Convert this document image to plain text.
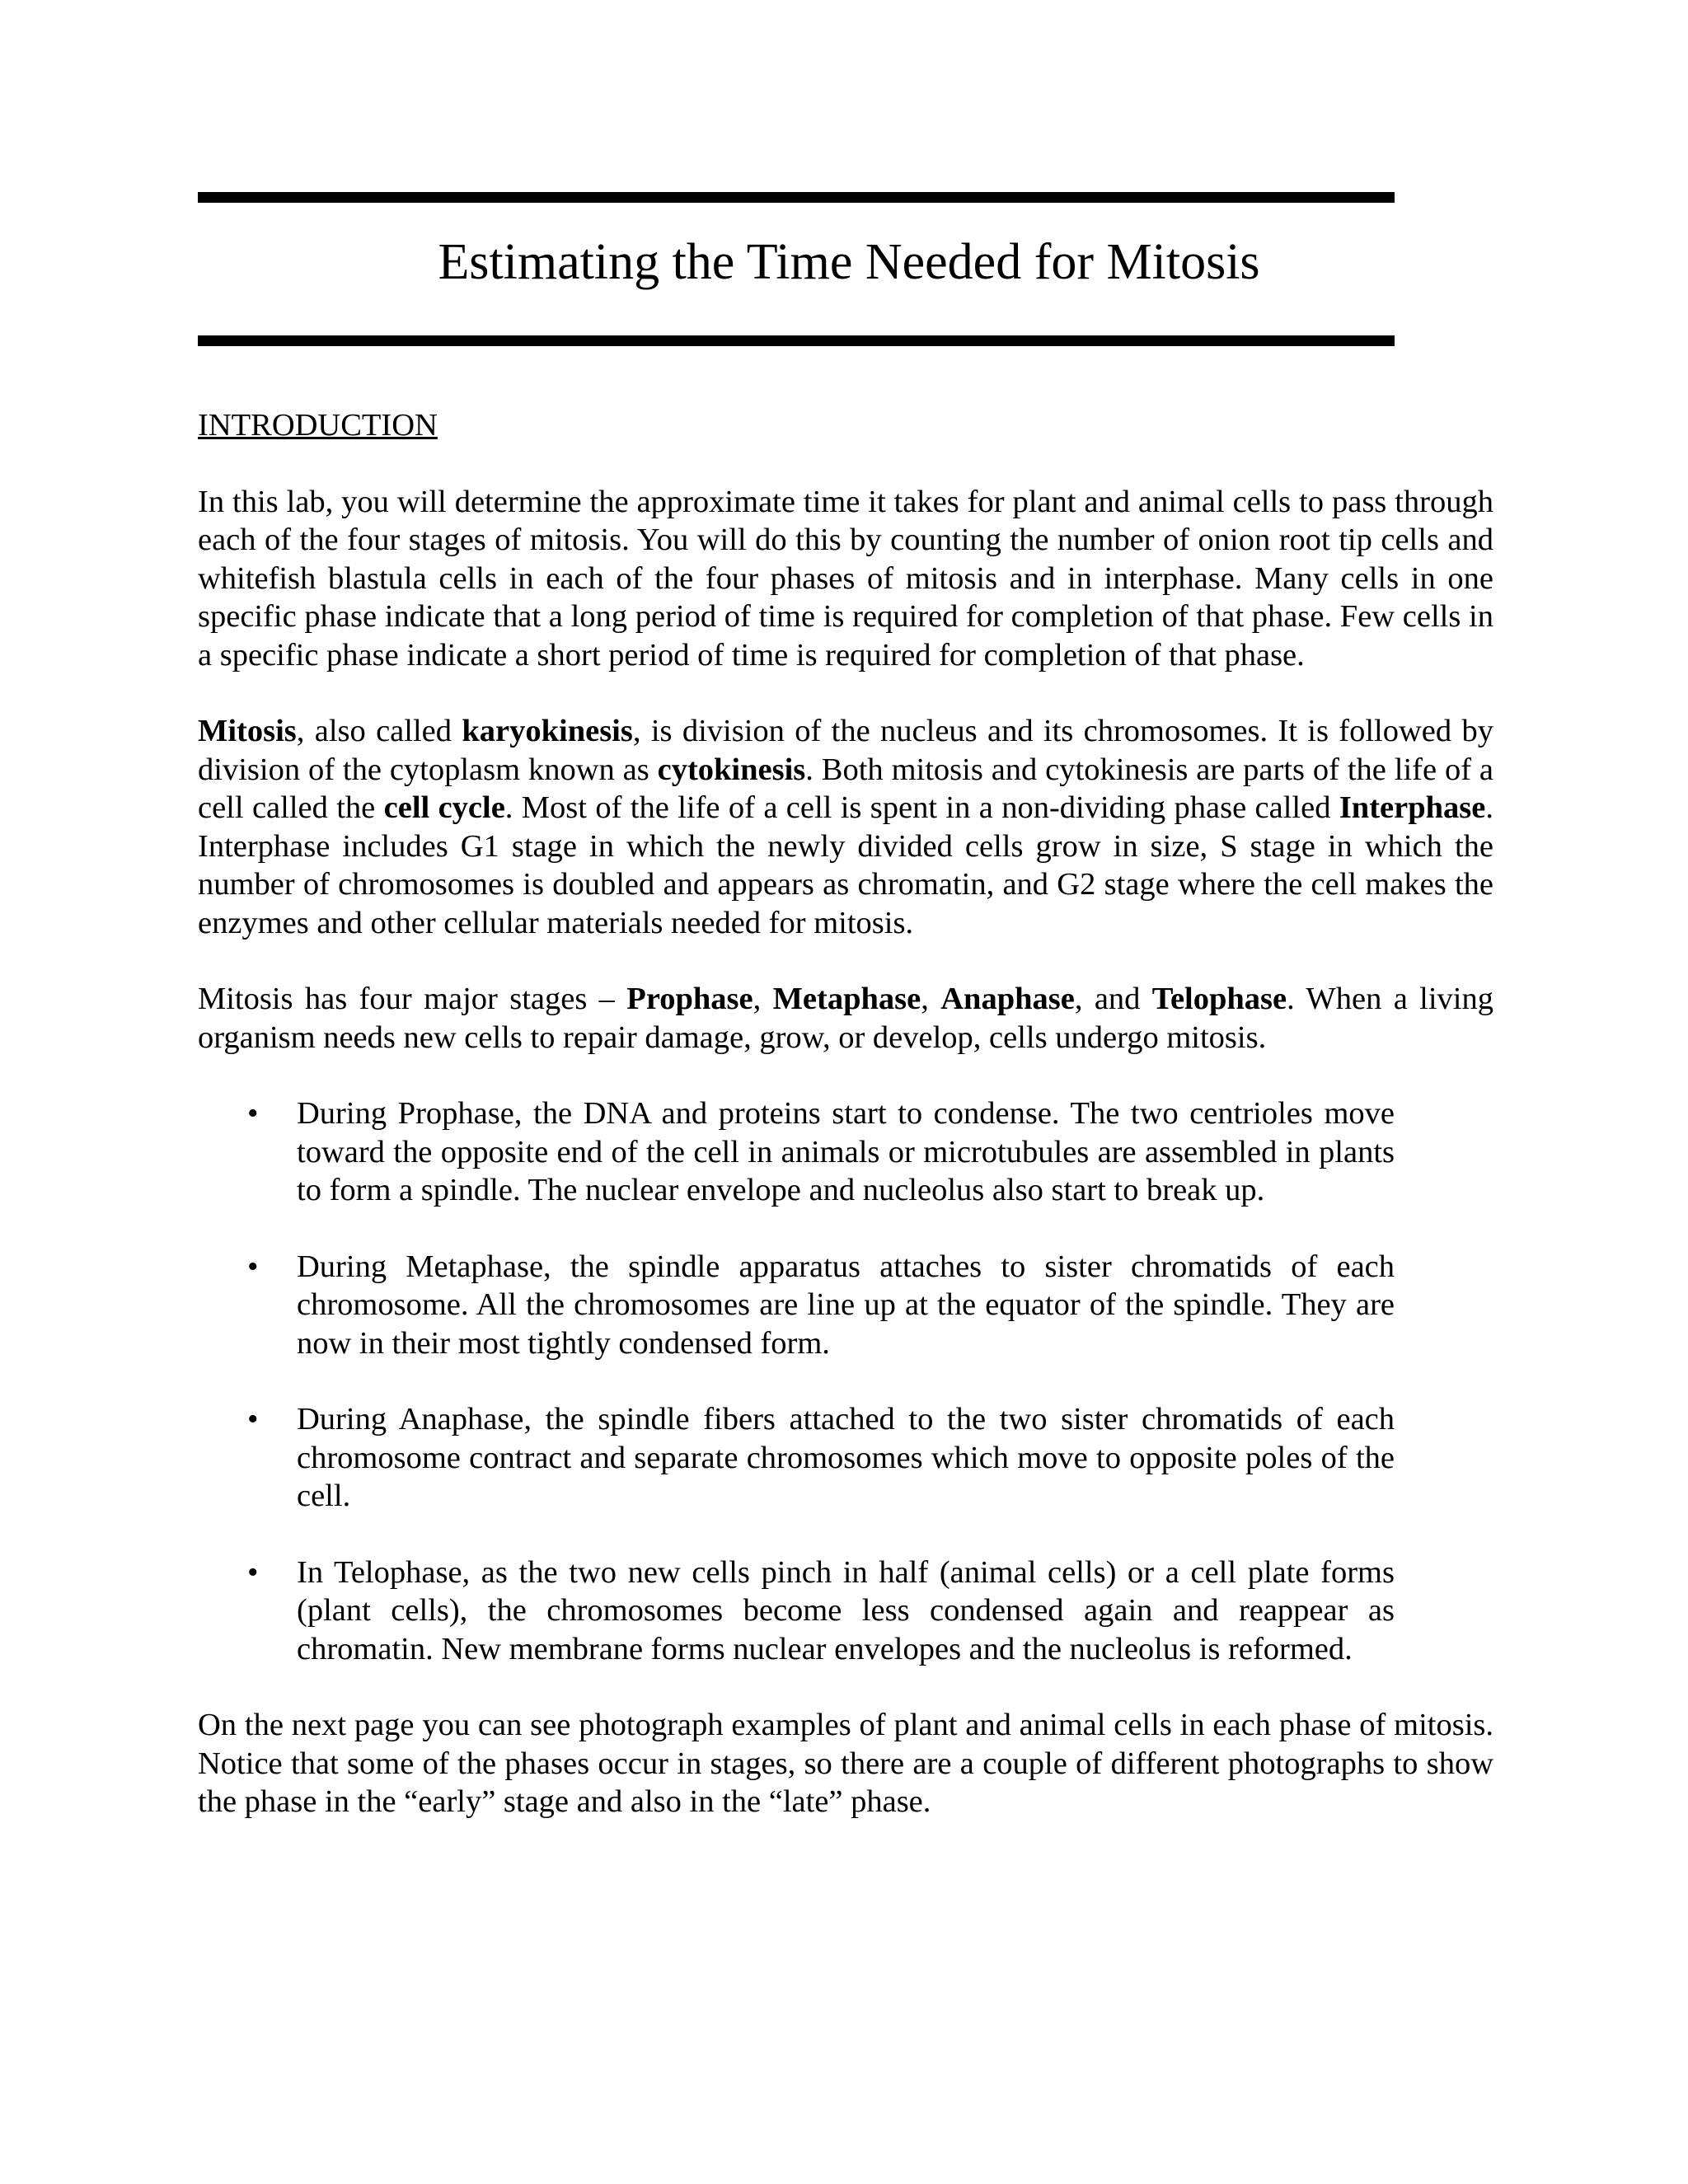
Estimating the Time Needed for Mitosis
INTRODUCTION

In this lab, you will determine the approximate time it takes for plant and animal cells to pass through each of the four stages of mitosis. You will do this by counting the number of onion root tip cells and whitefish blastula cells in each of the four phases of mitosis and in interphase. Many cells in one specific phase indicate that a long period of time is required for completion of that phase. Few cells in a specific phase indicate a short period of time is required for completion of that phase.

Mitosis, also called karyokinesis, is division of the nucleus and its chromosomes. It is followed by division of the cytoplasm known as cytokinesis. Both mitosis and cytokinesis are parts of the life of a cell called the cell cycle. Most of the life of a cell is spent in a non-dividing phase called Interphase. Interphase includes G1 stage in which the newly divided cells grow in size, S stage in which the number of chromosomes is doubled and appears as chromatin, and G2 stage where the cell makes the enzymes and other cellular materials needed for mitosis.

Mitosis has four major stages – Prophase, Metaphase, Anaphase, and Telophase. When a living organism needs new cells to repair damage, grow, or develop, cells undergo mitosis.

•	During Prophase, the DNA and proteins start to condense. The two centrioles move toward the opposite end of the cell in animals or microtubules are assembled in plants to form a spindle. The nuclear envelope and nucleolus also start to break up.
•	During Metaphase, the spindle apparatus attaches to sister chromatids of each chromosome. All the chromosomes are line up at the equator of the spindle. They are now in their most tightly condensed form.
•	During Anaphase, the spindle fibers attached to the two sister chromatids of each chromosome contract and separate chromosomes which move to opposite poles of the cell.
•	In Telophase, as the two new cells pinch in half (animal cells) or a cell plate forms (plant cells), the chromosomes become less condensed again and reappear as chromatin. New membrane forms nuclear envelopes and the nucleolus is reformed.

On the next page you can see photograph examples of plant and animal cells in each phase of mitosis. Notice that some of the phases occur in stages, so there are a couple of different photographs to show the phase in the “early” stage and also in the “late” phase.
